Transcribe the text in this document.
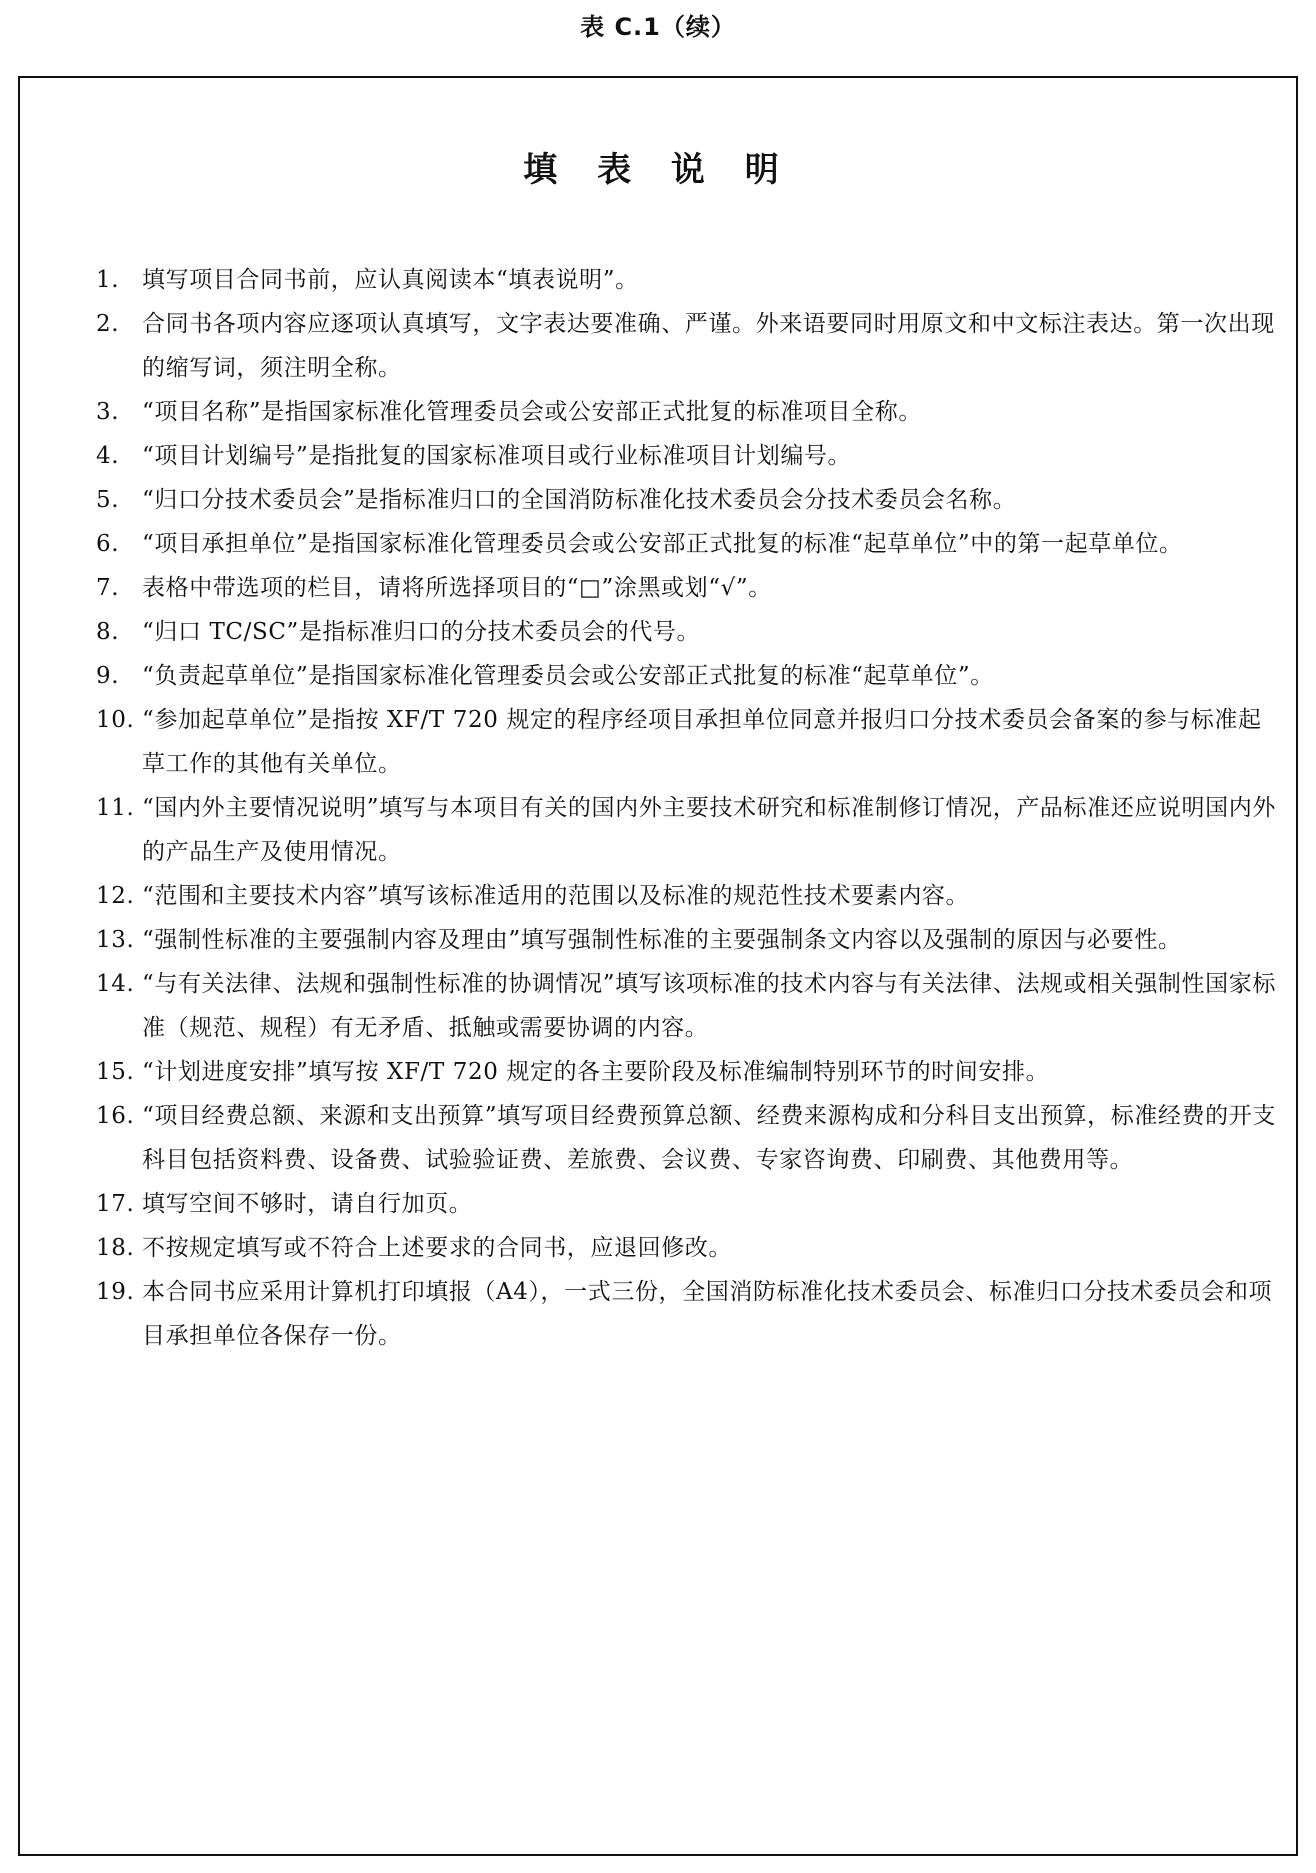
表 C.1（续）
填 表 说 明
1. 填写项目合同书前，应认真阅读本“填表说明”。
2. 合同书各项内容应逐项认真填写，文字表达要准确、严谨。外来语要同时用原文和中文标注表达。第一次出现的缩写词，须注明全称。
3. “项目名称”是指国家标准化管理委员会或公安部正式批复的标准项目全称。
4. “项目计划编号”是指批复的国家标准项目或行业标准项目计划编号。
5. “归口分技术委员会”是指标准归口的全国消防标准化技术委员会分技术委员会名称。
6. “项目承担单位”是指国家标准化管理委员会或公安部正式批复的标准“起草单位”中的第一起草单位。
7. 表格中带选项的栏目，请将所选择项目的“□”涂黑或划“√”。
8. “归口 TC/SC”是指标准归口的分技术委员会的代号。
9. “负责起草单位”是指国家标准化管理委员会或公安部正式批复的标准“起草单位”。
10. “参加起草单位”是指按 XF/T 720 规定的程序经项目承担单位同意并报归口分技术委员会备案的参与标准起草工作的其他有关单位。
11. “国内外主要情况说明”填写与本项目有关的国内外主要技术研究和标准制修订情况，产品标准还应说明国内外的产品生产及使用情况。
12. “范围和主要技术内容”填写该标准适用的范围以及标准的规范性技术要素内容。
13. “强制性标准的主要强制内容及理由”填写强制性标准的主要强制条文内容以及强制的原因与必要性。
14. “与有关法律、法规和强制性标准的协调情况”填写该项标准的技术内容与有关法律、法规或相关强制性国家标准（规范、规程）有无矛盾、抵触或需要协调的内容。
15. “计划进度安排”填写按 XF/T 720 规定的各主要阶段及标准编制特别环节的时间安排。
16. “项目经费总额、来源和支出预算”填写项目经费预算总额、经费来源构成和分科目支出预算，标准经费的开支科目包括资料费、设备费、试验验证费、差旅费、会议费、专家咨询费、印刷费、其他费用等。
17. 填写空间不够时，请自行加页。
18. 不按规定填写或不符合上述要求的合同书，应退回修改。
19. 本合同书应采用计算机打印填报（A4），一式三份，全国消防标准化技术委员会、标准归口分技术委员会和项目承担单位各保存一份。
